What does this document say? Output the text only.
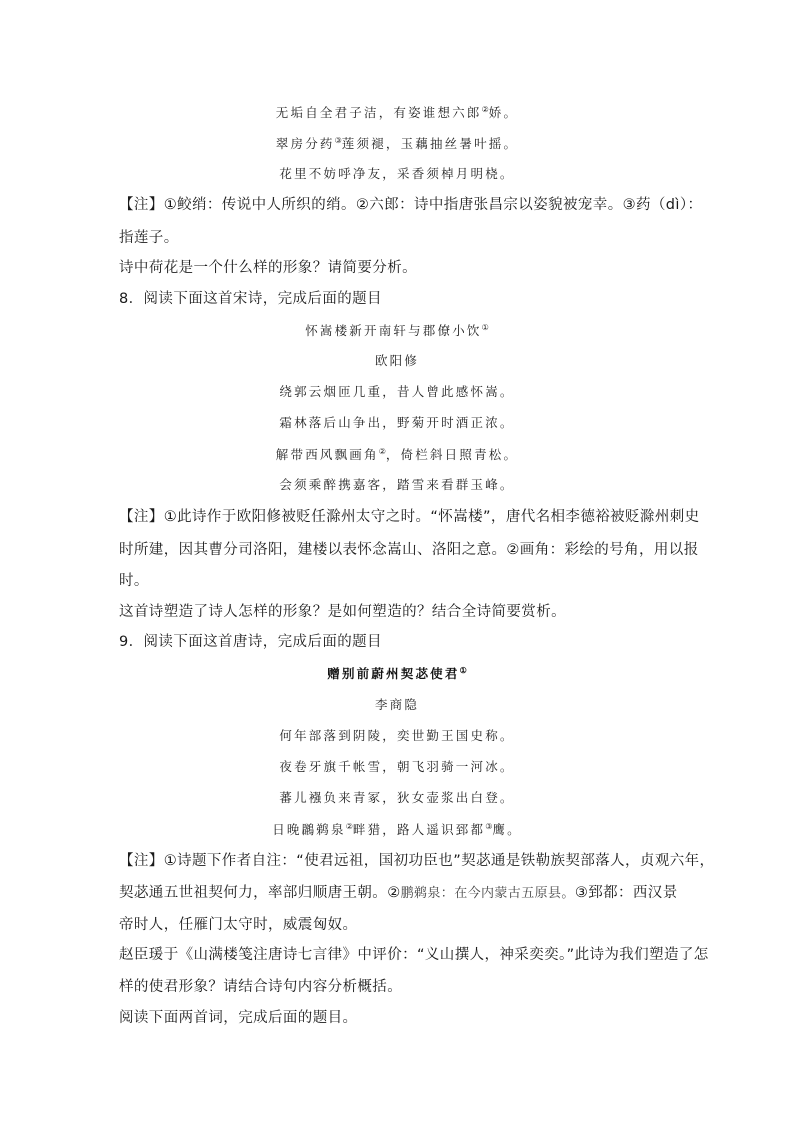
无垢自全君子洁，有姿谁想六郎②娇。
翠房分药③莲须褪，玉藕抽丝暑叶摇。
花里不妨呼净友，采香须棹月明桡。
【注】①鲛绡：传说中人所织的绡。②六郎：诗中指唐张昌宗以姿貌被宠幸。③药（dì）：
指莲子。
诗中荷花是一个什么样的形象？请简要分析。
8．阅读下面这首宋诗，完成后面的题目
怀嵩楼新开南轩与郡僚小饮①
欧阳修
绕郭云烟匝几重，昔人曾此感怀嵩。
霜林落后山争出，野菊开时酒正浓。
解带西风飘画角②，倚栏斜日照青松。
会须乘醉携嘉客，踏雪来看群玉峰。
【注】①此诗作于欧阳修被贬任滁州太守之时。“怀嵩楼”，唐代名相李德裕被贬滁州刺史
时所建，因其曹分司洛阳，建楼以表怀念嵩山、洛阳之意。②画角：彩绘的号角，用以报
时。
这首诗塑造了诗人怎样的形象？是如何塑造的？结合全诗简要赏析。
9．阅读下面这首唐诗，完成后面的题目
赠别前蔚州契苾使君①
李商隐
何年部落到阴陵，奕世勤王国史称。
夜卷牙旗千帐雪，朝飞羽骑一河冰。
蕃儿襁负来青冢，狄女壶浆出白登。
日晚鸊鹈泉②畔猎，路人遥识郅都③鹰。
【注】①诗题下作者自注：“使君远祖，国初功臣也”契苾通是铁勒族契部落人，贞观六年，
契苾通五世祖契何力，率部归顺唐王朝。②鹏鹈泉：在今内蒙古五原县。③郅都：西汉景
帝时人，任雁门太守时，威震匈奴。
赵臣瑗于《山满楼笺注唐诗七言律》中评价：“义山撰人，神采奕奕。”此诗为我们塑造了怎
样的使君形象？请结合诗句内容分析概括。
阅读下面两首词，完成后面的题目。
